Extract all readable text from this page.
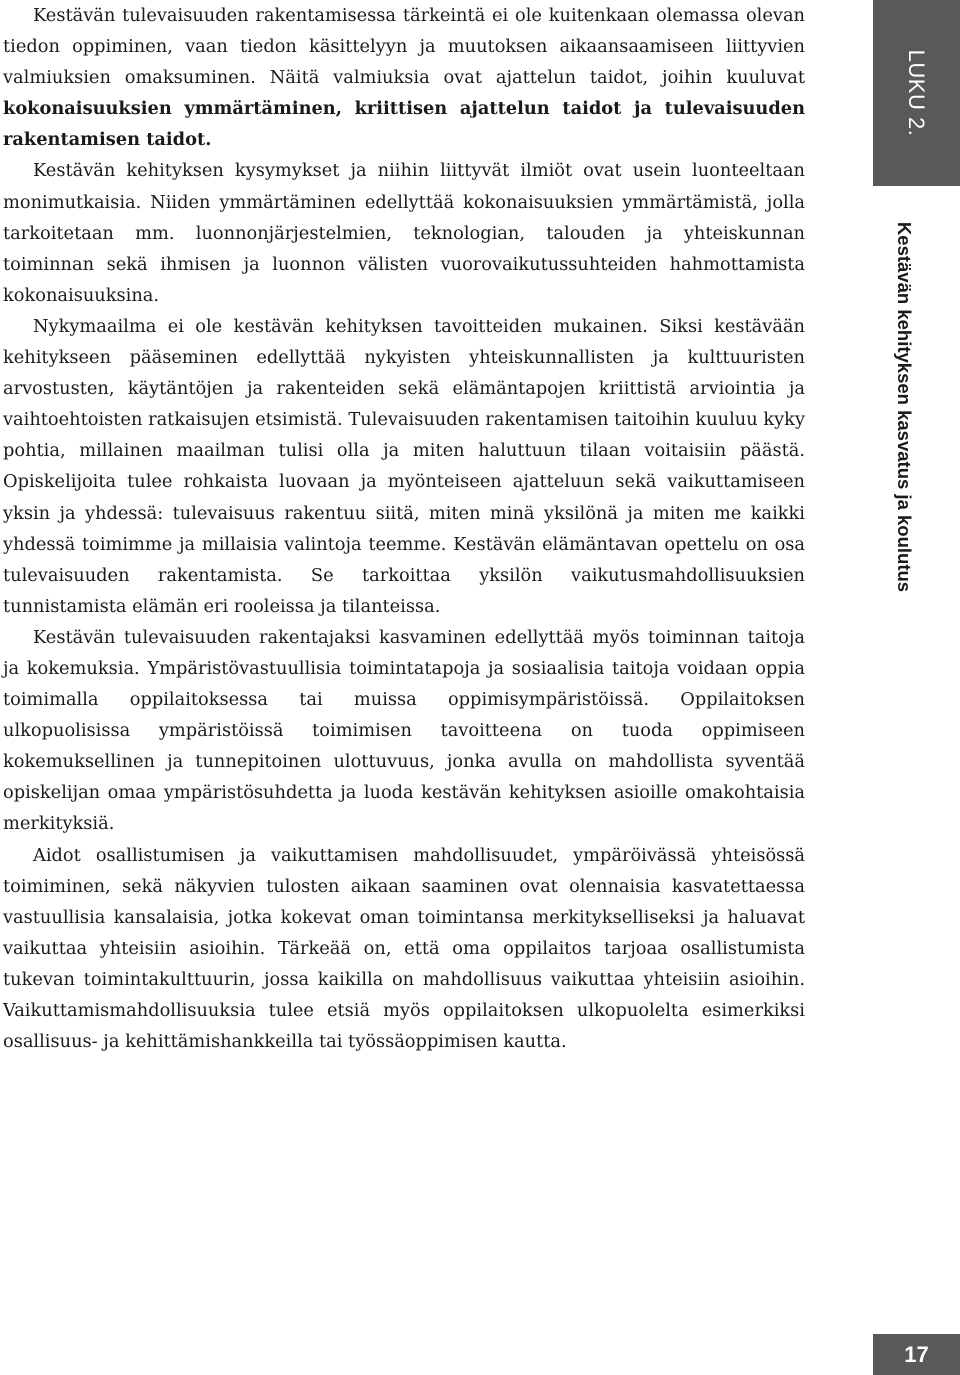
Kestävän tulevaisuuden rakentamisessa tärkeintä ei ole kuitenkaan olemassa olevan tiedon oppiminen, vaan tiedon käsittelyyn ja muutoksen aikaansaamiseen liittyvien valmiuksien omaksuminen. Näitä valmiuksia ovat ajattelun taidot, joihin kuuluvat kokonaisuuksien ymmärtäminen, kriittisen ajattelun taidot ja tulevaisuuden rakentamisen taidot.

Kestävän kehityksen kysymykset ja niihin liittyvät ilmiöt ovat usein luonteeltaan monimutkaisia. Niiden ymmärtäminen edellyttää kokonaisuuksien ymmärtämistä, jolla tarkoitetaan mm. luonnonjärjestelmien, teknologian, talouden ja yhteiskunnan toiminnan sekä ihmisen ja luonnon välisten vuorovaikutussuhteiden hahmottamista kokonaisuuksina.

Nykymaailma ei ole kestävän kehityksen tavoitteiden mukainen. Siksi kestävään kehitykseen pääseminen edellyttää nykyisten yhteiskunnallisten ja kulttuuristen arvostusten, käytäntöjen ja rakenteiden sekä elämäntapojen kriittistä arviointia ja vaihtoehtoisten ratkaisujen etsimistä. Tulevaisuuden rakentamisen taitoihin kuuluu kyky pohtia, millainen maailman tulisi olla ja miten haluttuun tilaan voitaisiin päästä. Opiskelijoita tulee rohkaista luovaan ja myönteiseen ajatteluun sekä vaikuttamiseen yksin ja yhdessä: tulevaisuus rakentuu siitä, miten minä yksilönä ja miten me kaikki yhdessä toimimme ja millaisia valintoja teemme. Kestävän elämäntavan opettelu on osa tulevaisuuden rakentamista. Se tarkoittaa yksilön vaikutusmahdollisuuksien tunnistamista elämän eri rooleissa ja tilanteissa.

Kestävän tulevaisuuden rakentajaksi kasvaminen edellyttää myös toiminnan taitoja ja kokemuksia. Ympäristövastuullisia toimintatapoja ja sosiaalisia taitoja voidaan oppia toimimalla oppilaitoksessa tai muissa oppimisympäristöissä. Oppilaitoksen ulkopuolisissa ympäristöissä toimimisen tavoitteena on tuoda oppimiseen kokemuksellinen ja tunnepitoinen ulottuvuus, jonka avulla on mahdollista syventää opiskelijan omaa ympäristösuhdetta ja luoda kestävän kehityksen asioille omakohtaisia merkityksiä.

Aidot osallistumisen ja vaikuttamisen mahdollisuudet, ympäröivässä yhteisössä toimiminen, sekä näkyvien tulosten aikaan saaminen ovat olennaisia kasvatettaessa vastuullisia kansalaisia, jotka kokevat oman toimintansa merkitykselliseksi ja haluavat vaikuttaa yhteisiin asioihin. Tärkeää on, että oma oppilaitos tarjoaa osallistumista tukevan toimintakulttuurin, jossa kaikilla on mahdollisuus vaikuttaa yhteisiin asioihin. Vaikuttamismahdollisuuksia tulee etsiä myös oppilaitoksen ulkopuolelta esimerkiksi osallisuus- ja kehittämishankkeilla tai työssäoppimisen kautta.

LUKU 2.
Kestävän kehityksen kasvatus ja koulutus
17
